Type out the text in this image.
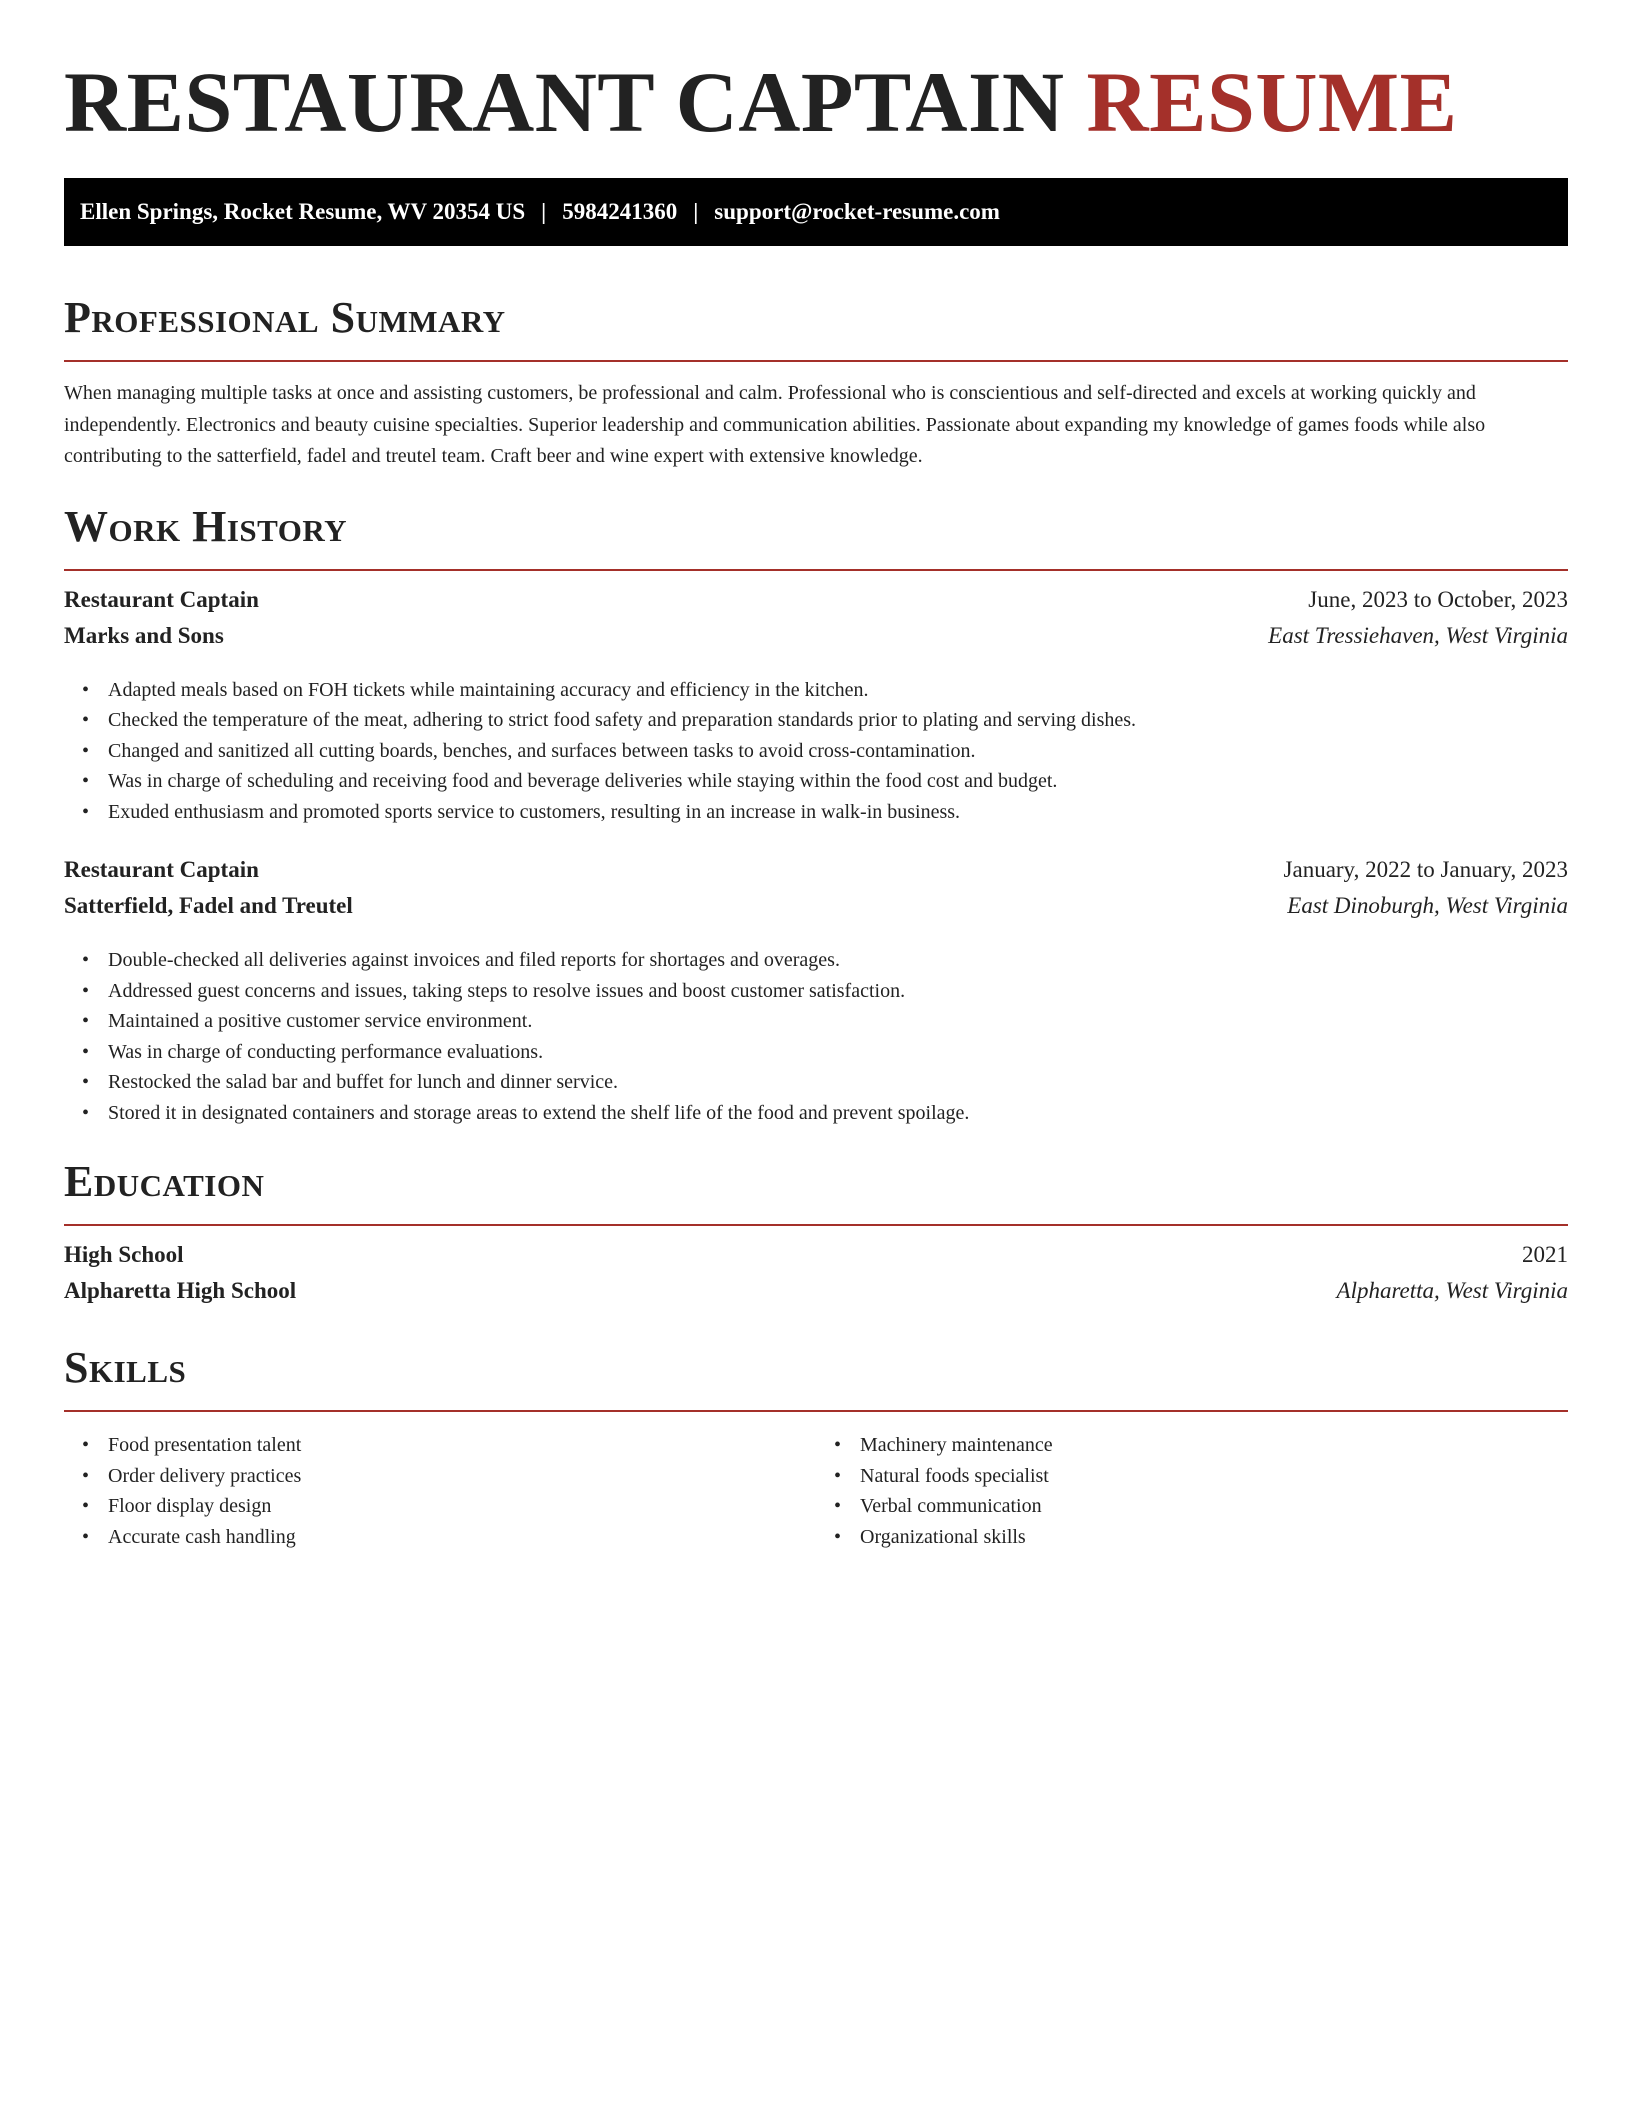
RESTAURANT CAPTAIN RESUME
Ellen Springs, Rocket Resume, WV 20354 US | 5984241360 | support@rocket-resume.com
Professional Summary

When managing multiple tasks at once and assisting customers, be professional and calm. Professional who is conscientious and self-directed and excels at working quickly and independently. Electronics and beauty cuisine specialties. Superior leadership and communication abilities. Passionate about expanding my knowledge of games foods while also contributing to the satterfield, fadel and treutel team. Craft beer and wine expert with extensive knowledge.

Work History
Restaurant Captain	June, 2023 to October, 2023
Marks and Sons	East Tressiehaven, West Virginia
• Adapted meals based on FOH tickets while maintaining accuracy and efficiency in the kitchen.
• Checked the temperature of the meat, adhering to strict food safety and preparation standards prior to plating and serving dishes.
• Changed and sanitized all cutting boards, benches, and surfaces between tasks to avoid cross-contamination.
• Was in charge of scheduling and receiving food and beverage deliveries while staying within the food cost and budget.
• Exuded enthusiasm and promoted sports service to customers, resulting in an increase in walk-in business.
Restaurant Captain	January, 2022 to January, 2023
Satterfield, Fadel and Treutel	East Dinoburgh, West Virginia
• Double-checked all deliveries against invoices and filed reports for shortages and overages.
• Addressed guest concerns and issues, taking steps to resolve issues and boost customer satisfaction.
• Maintained a positive customer service environment.
• Was in charge of conducting performance evaluations.
• Restocked the salad bar and buffet for lunch and dinner service.
• Stored it in designated containers and storage areas to extend the shelf life of the food and prevent spoilage.
Education
High School	2021
Alpharetta High School	Alpharetta, West Virginia
Skills
• Food presentation talent
• Order delivery practices
• Floor display design
• Accurate cash handling
• Machinery maintenance
• Natural foods specialist
• Verbal communication
• Organizational skills
